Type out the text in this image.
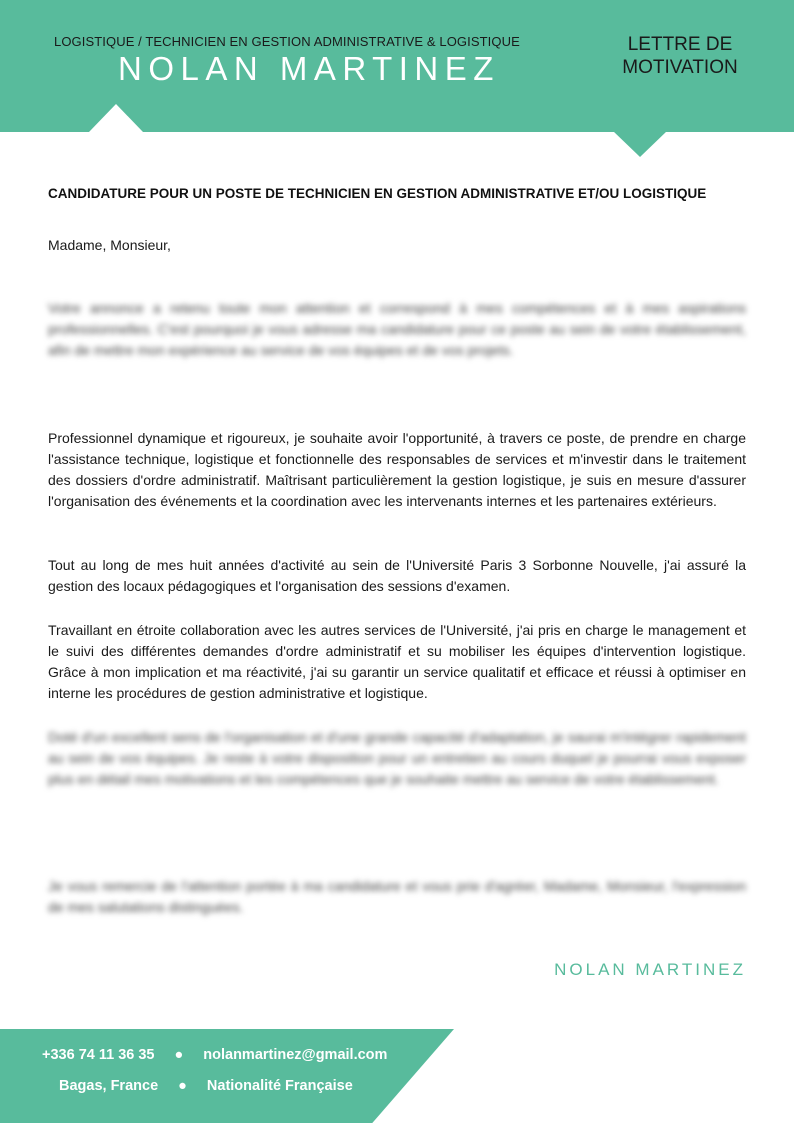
LOGISTIQUE / TECHNICIEN EN GESTION ADMINISTRATIVE & LOGISTIQUE
NOLAN MARTINEZ
LETTRE DE
MOTIVATION
CANDIDATURE POUR UN POSTE DE TECHNICIEN EN GESTION ADMINISTRATIVE ET/OU LOGISTIQUE
Madame, Monsieur,
Votre annonce a retenu toute mon attention et correspond à mes compétences et à mes aspirations professionnelles. C'est pourquoi je vous adresse ma candidature pour ce poste au sein de votre établissement, afin de mettre mon expérience au service de vos équipes et de vos projets.
Professionnel dynamique et rigoureux, je souhaite avoir l'opportunité, à travers ce poste, de prendre en charge l'assistance technique, logistique et fonctionnelle des responsables de services et m'investir dans le traitement des dossiers d'ordre administratif. Maîtrisant particulièrement la gestion logistique, je suis en mesure d'assurer l'organisation des événements et la coordination avec les intervenants internes et les partenaires extérieurs.
Tout au long de mes huit années d'activité au sein de l'Université Paris 3 Sorbonne Nouvelle, j'ai assuré la gestion des locaux pédagogiques et l'organisation des sessions d'examen.
Travaillant en étroite collaboration avec les autres services de l'Université, j'ai pris en charge le management et le suivi des différentes demandes d'ordre administratif et su mobiliser les équipes d'intervention logistique. Grâce à mon implication et ma réactivité, j'ai su garantir un service qualitatif et efficace et réussi à optimiser en interne les procédures de gestion administrative et logistique.
Doté d'un excellent sens de l'organisation et d'une grande capacité d'adaptation, je saurai m'intégrer rapidement au sein de vos équipes. Je reste à votre disposition pour un entretien au cours duquel je pourrai vous exposer plus en détail mes motivations et les compétences que je souhaite mettre au service de votre établissement.
Je vous remercie de l'attention portée à ma candidature et vous prie d'agréer, Madame, Monsieur, l'expression de mes salutations distinguées.
NOLAN MARTINEZ
+336 74 11 36 35 ● nolanmartinez@gmail.com
Bagas, France ● Nationalité Française
